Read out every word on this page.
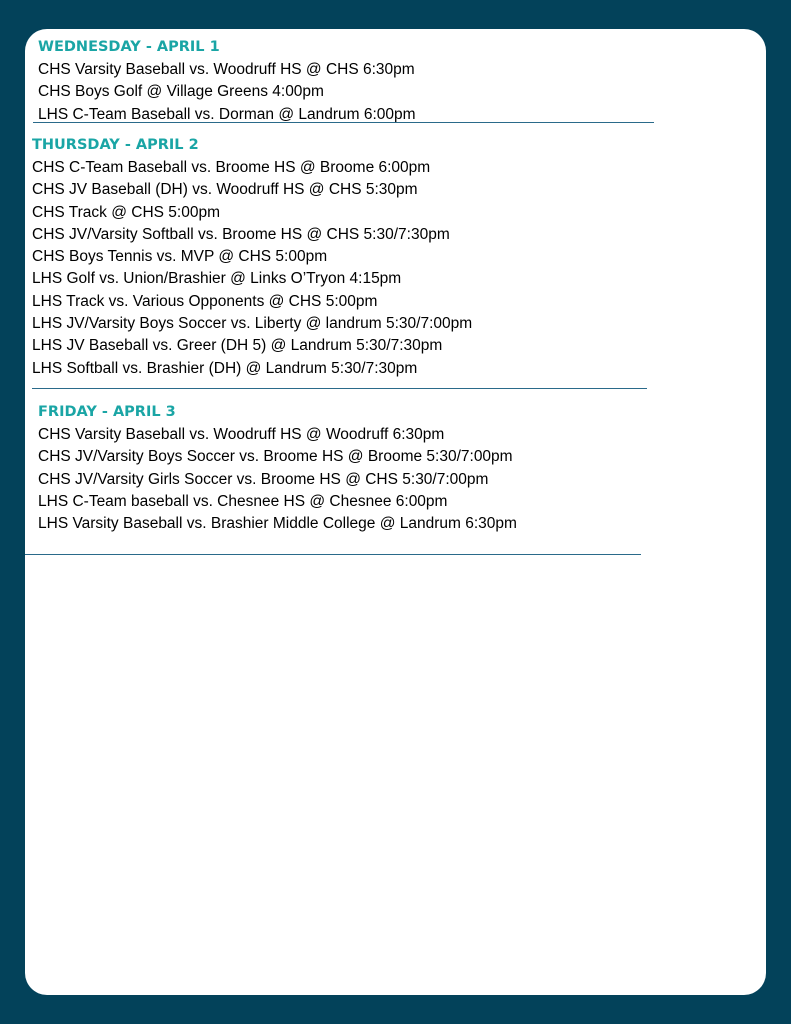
WEDNESDAY - APRIL 1
CHS Varsity Baseball vs. Woodruff HS @ CHS 6:30pm
CHS Boys Golf @ Village Greens 4:00pm
LHS C-Team Baseball vs. Dorman @ Landrum 6:00pm
THURSDAY - APRIL 2
CHS C-Team Baseball vs. Broome HS @ Broome 6:00pm
CHS JV Baseball (DH) vs. Woodruff HS @ CHS 5:30pm
CHS Track @ CHS 5:00pm
CHS JV/Varsity Softball vs. Broome HS @ CHS 5:30/7:30pm
CHS Boys Tennis vs. MVP @ CHS 5:00pm
LHS Golf vs. Union/Brashier @ Links O’Tryon 4:15pm
LHS Track vs. Various Opponents @ CHS 5:00pm
LHS JV/Varsity Boys Soccer vs. Liberty @ landrum 5:30/7:00pm
LHS JV Baseball vs. Greer (DH 5) @ Landrum 5:30/7:30pm
LHS Softball vs. Brashier (DH) @ Landrum 5:30/7:30pm
FRIDAY - APRIL 3
CHS Varsity Baseball vs. Woodruff HS @ Woodruff 6:30pm
CHS JV/Varsity Boys Soccer vs. Broome HS @ Broome 5:30/7:00pm
CHS JV/Varsity Girls Soccer vs. Broome HS @ CHS 5:30/7:00pm
LHS C-Team baseball vs. Chesnee HS @ Chesnee 6:00pm
LHS Varsity Baseball vs. Brashier Middle College @ Landrum 6:30pm
